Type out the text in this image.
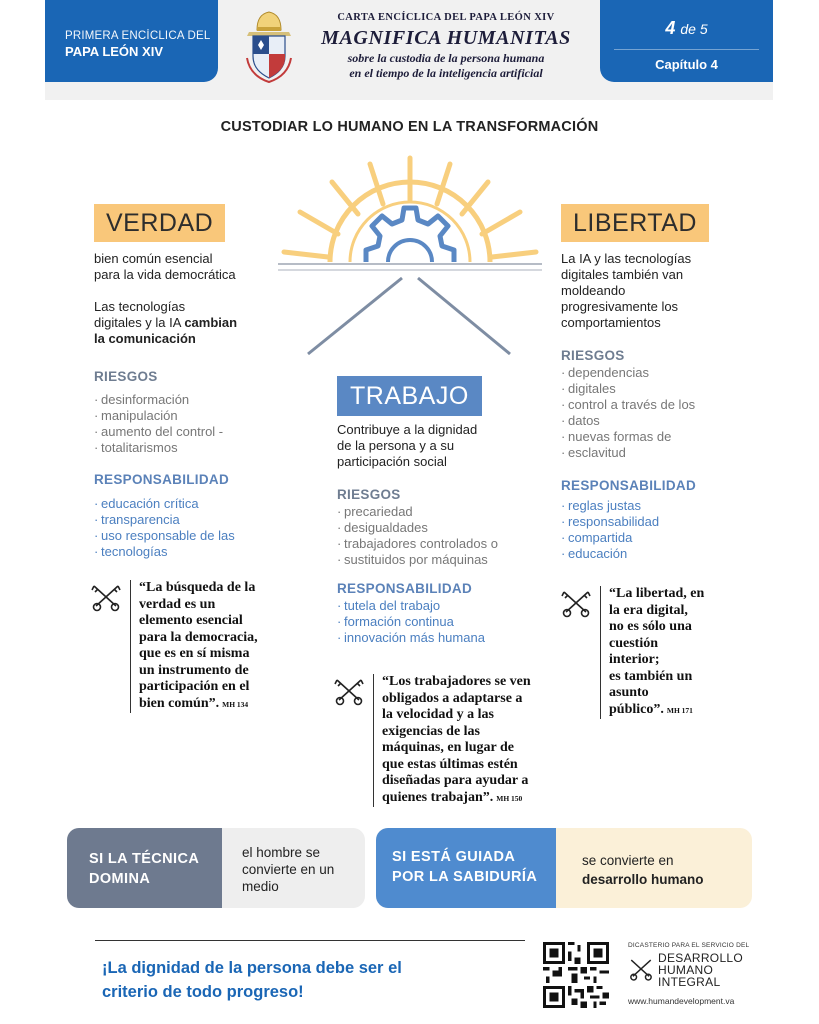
PRIMERA ENCÍCLICA DEL
PAPA LEÓN XIV
CARTA ENCÍCLICA DEL PAPA LEÓN XIV
MAGNIFICA HUMANITAS
sobre la custodia de la persona humana
en el tiempo de la inteligencia artificial
4 de 5
Capítulo 4
CUSTODIAR LO HUMANO EN LA TRANSFORMACIÓN
VERDAD
bien común esencial
para la vida democrática
Las tecnologías
digitales y la IA cambian
la comunicación
RIESGOS
· desinformación
· manipulación
· aumento del control -
· totalitarismos
RESPONSABILIDAD
· educación crítica
· transparencia
· uso responsable de las
· tecnologías
“La búsqueda de la
verdad es un
elemento esencial
para la democracia,
que es en sí misma
un instrumento de
participación en el
bien común”. MH 134
TRABAJO
Contribuye a la dignidad
de la persona y a su
participación social
RIESGOS
· precariedad
· desigualdades
· trabajadores controlados o
· sustituidos por máquinas
RESPONSABILIDAD
· tutela del trabajo
· formación continua
· innovación más humana
“Los trabajadores se ven
obligados a adaptarse a
la velocidad y a las
exigencias de las
máquinas, en lugar de
que estas últimas estén
diseñadas para ayudar a
quienes trabajan”. MH 150
LIBERTAD
La IA y las tecnologías
digitales también van
moldeando
progresivamente los
comportamientos
RIESGOS
· dependencias
· digitales
· control a través de los
· datos
· nuevas formas de
· esclavitud
RESPONSABILIDAD
· reglas justas
· responsabilidad
· compartida
· educación
“La libertad, en
la era digital,
no es sólo una
cuestión
interior;
es también un
asunto
público”. MH 171
SI LA TÉCNICA
DOMINA
el hombre se
convierte en un
medio
SI ESTÁ GUIADA
POR LA SABIDURÍA
se convierte en
desarrollo humano
¡La dignidad de la persona debe ser el
criterio de todo progreso!
DICASTERIO PARA EL SERVICIO DEL
DESARROLLO
HUMANO
INTEGRAL
www.humandevelopment.va
